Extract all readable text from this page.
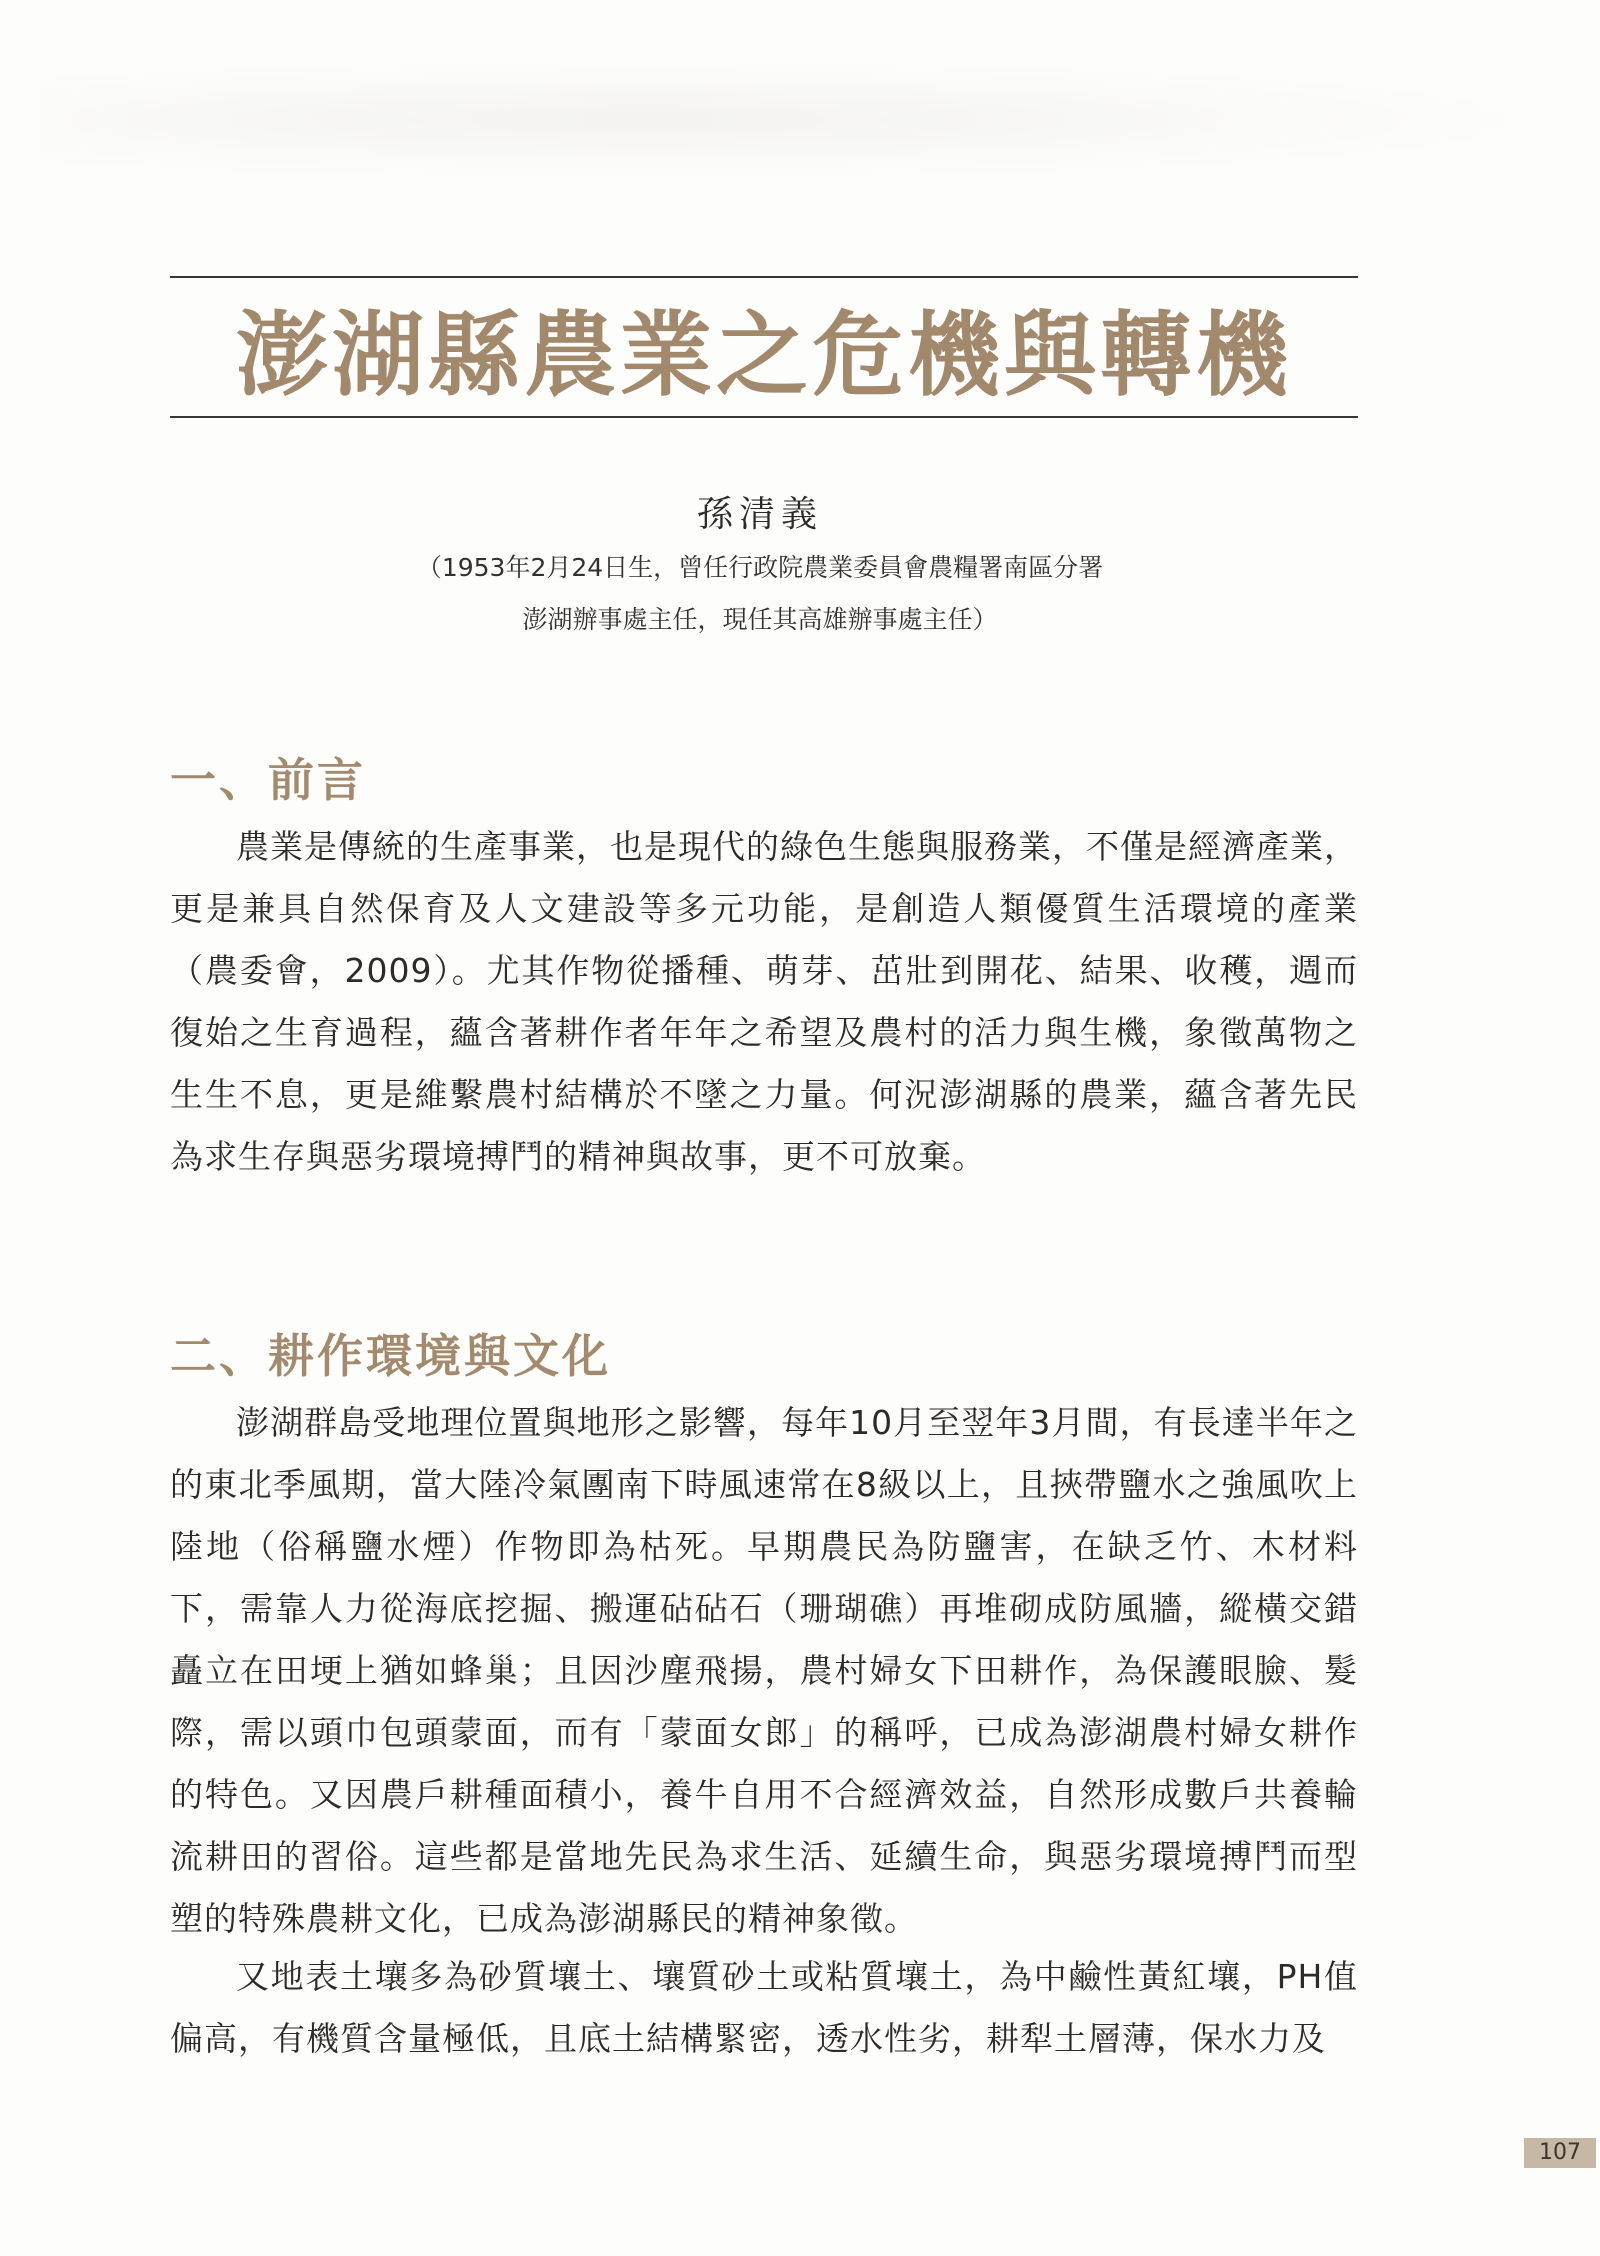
澎湖縣農業之危機與轉機
孫清義
（1953年2月24日生，曾任行政院農業委員會農糧署南區分署
澎湖辦事處主任，現任其高雄辦事處主任）
一、前言

農業是傳統的生產事業，也是現代的綠色生態與服務業，不僅是經濟產業，更是兼具自然保育及人文建設等多元功能，是創造人類優質生活環境的產業（農委會，2009）。尤其作物從播種、萌芽、茁壯到開花、結果、收穫，週而復始之生育過程，蘊含著耕作者年年之希望及農村的活力與生機，象徵萬物之生生不息，更是維繫農村結構於不墜之力量。何況澎湖縣的農業，蘊含著先民為求生存與惡劣環境搏鬥的精神與故事，更不可放棄。

二、耕作環境與文化

澎湖群島受地理位置與地形之影響，每年10月至翌年3月間，有長達半年之的東北季風期，當大陸冷氣團南下時風速常在8級以上，且挾帶鹽水之強風吹上陸地（俗稱鹽水煙）作物即為枯死。早期農民為防鹽害，在缺乏竹、木材料下，需靠人力從海底挖掘、搬運砧砧石（珊瑚礁）再堆砌成防風牆，縱橫交錯矗立在田埂上猶如蜂巢；且因沙塵飛揚，農村婦女下田耕作，為保護眼臉、髮際，需以頭巾包頭蒙面，而有「蒙面女郎」的稱呼，已成為澎湖農村婦女耕作的特色。又因農戶耕種面積小，養牛自用不合經濟效益，自然形成數戶共養輪流耕田的習俗。這些都是當地先民為求生活、延續生命，與惡劣環境搏鬥而型塑的特殊農耕文化，已成為澎湖縣民的精神象徵。

又地表土壤多為砂質壤土、壤質砂土或粘質壤土，為中鹼性黃紅壤，PH值偏高，有機質含量極低，且底土結構緊密，透水性劣，耕犁土層薄，保水力及

107
